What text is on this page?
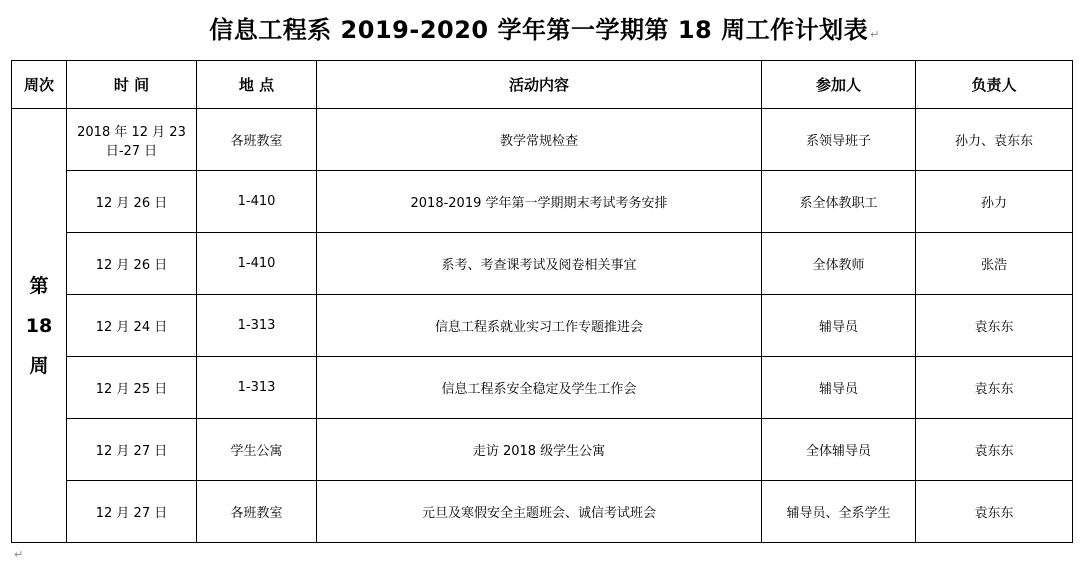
信息工程系 2019-2020 学年第一学期第 18 周工作计划表 ↵
周次	时 间	地 点	活动内容	参加人	负责人

第
18
周	2018 年 12 月 23 日-27 日	各班教室	教学常规检查	系领导班子	孙力、袁东东
	12 月 26 日	1-410	2018-2019 学年第一学期期末考试考务安排	系全体教职工	孙力
	12 月 26 日	1-410	系考、考查课考试及阅卷相关事宜	全体教师	张浩
	12 月 24 日	1-313	信息工程系就业实习工作专题推进会	辅导员	袁东东
	12 月 25 日	1-313	信息工程系安全稳定及学生工作会	辅导员	袁东东
	12 月 27 日	学生公寓	走访 2018 级学生公寓	全体辅导员	袁东东
	12 月 27 日	各班教室	元旦及寒假安全主题班会、诚信考试班会	辅导员、全系学生	袁东东
↵
